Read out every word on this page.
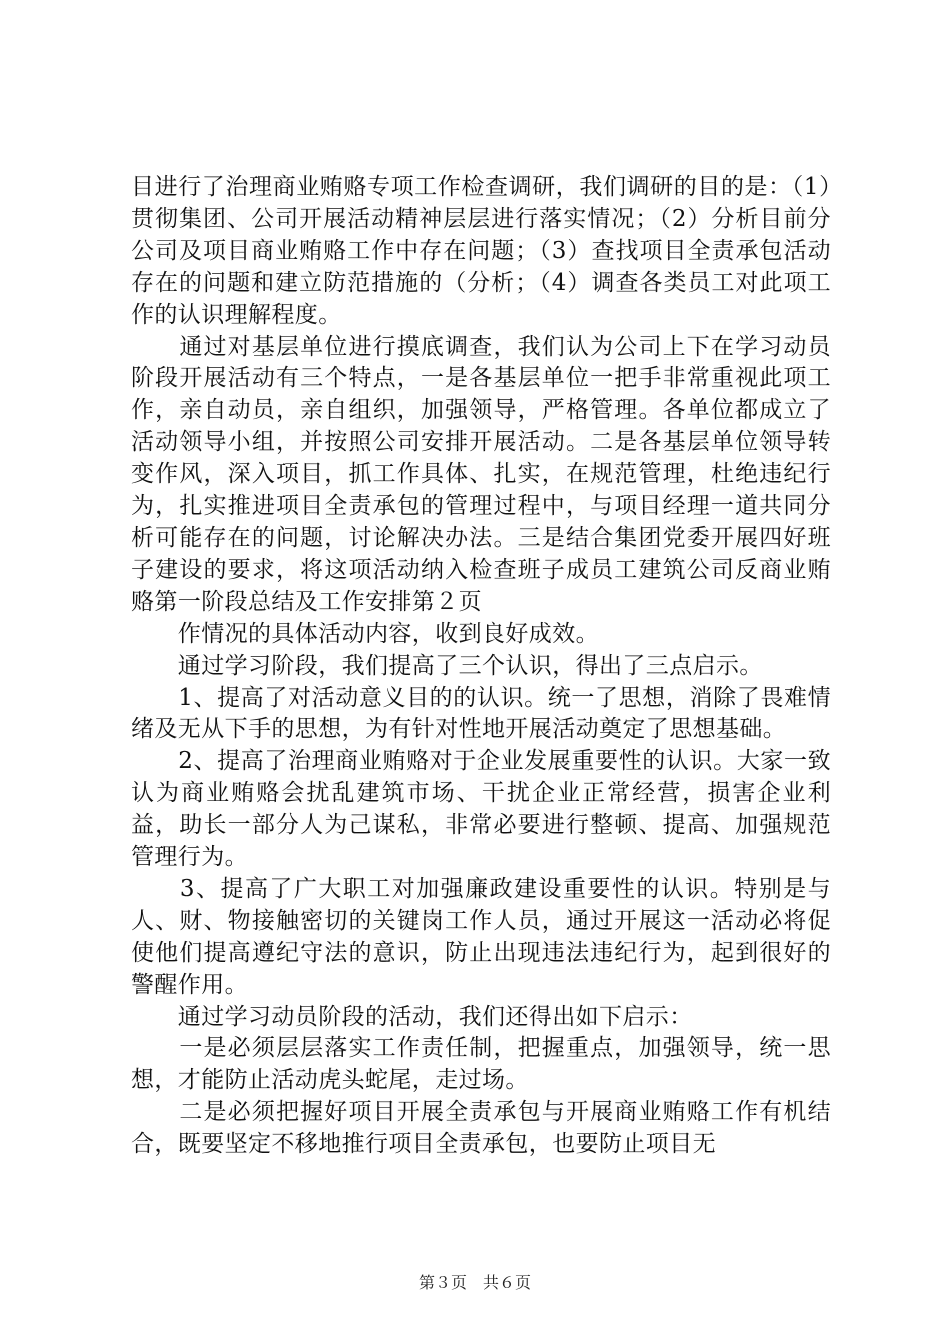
目进行了治理商业贿赂专项工作检查调研，我们调研的目的是：（1）贯彻集团、公司开展活动精神层层进行落实情况；（2）分析目前分公司及项目商业贿赂工作中存在问题；（3）查找项目全责承包活动存在的问题和建立防范措施的（分析；（4）调查各类员工对此项工作的认识理解程度。

　　通过对基层单位进行摸底调查，我们认为公司上下在学习动员阶段开展活动有三个特点，一是各基层单位一把手非常重视此项工作，亲自动员，亲自组织，加强领导，严格管理。各单位都成立了活动领导小组，并按照公司安排开展活动。二是各基层单位领导转变作风，深入项目，抓工作具体、扎实，在规范管理，杜绝违纪行为，扎实推进项目全责承包的管理过程中，与项目经理一道共同分析可能存在的问题，讨论解决办法。三是结合集团党委开展四好班子建设的要求，将这项活动纳入检查班子成员工建筑公司反商业贿赂第一阶段总结及工作安排第２页

　　作情况的具体活动内容，收到良好成效。

　　通过学习阶段，我们提高了三个认识，得出了三点启示。

　　1、提高了对活动意义目的的认识。统一了思想，消除了畏难情绪及无从下手的思想，为有针对性地开展活动奠定了思想基础。

　　2、提高了治理商业贿赂对于企业发展重要性的认识。大家一致认为商业贿赂会扰乱建筑市场、干扰企业正常经营，损害企业利益，助长一部分人为己谋私，非常必要进行整顿、提高、加强规范管理行为。

　　3、提高了广大职工对加强廉政建设重要性的认识。特别是与人、财、物接触密切的关键岗工作人员，通过开展这一活动必将促使他们提高遵纪守法的意识，防止出现违法违纪行为，起到很好的警醒作用。

　　通过学习动员阶段的活动，我们还得出如下启示：

　　一是必须层层落实工作责任制，把握重点，加强领导，统一思想，才能防止活动虎头蛇尾，走过场。

　　二是必须把握好项目开展全责承包与开展商业贿赂工作有机结合，既要坚定不移地推行项目全责承包，也要防止项目无

第３页　共６页
